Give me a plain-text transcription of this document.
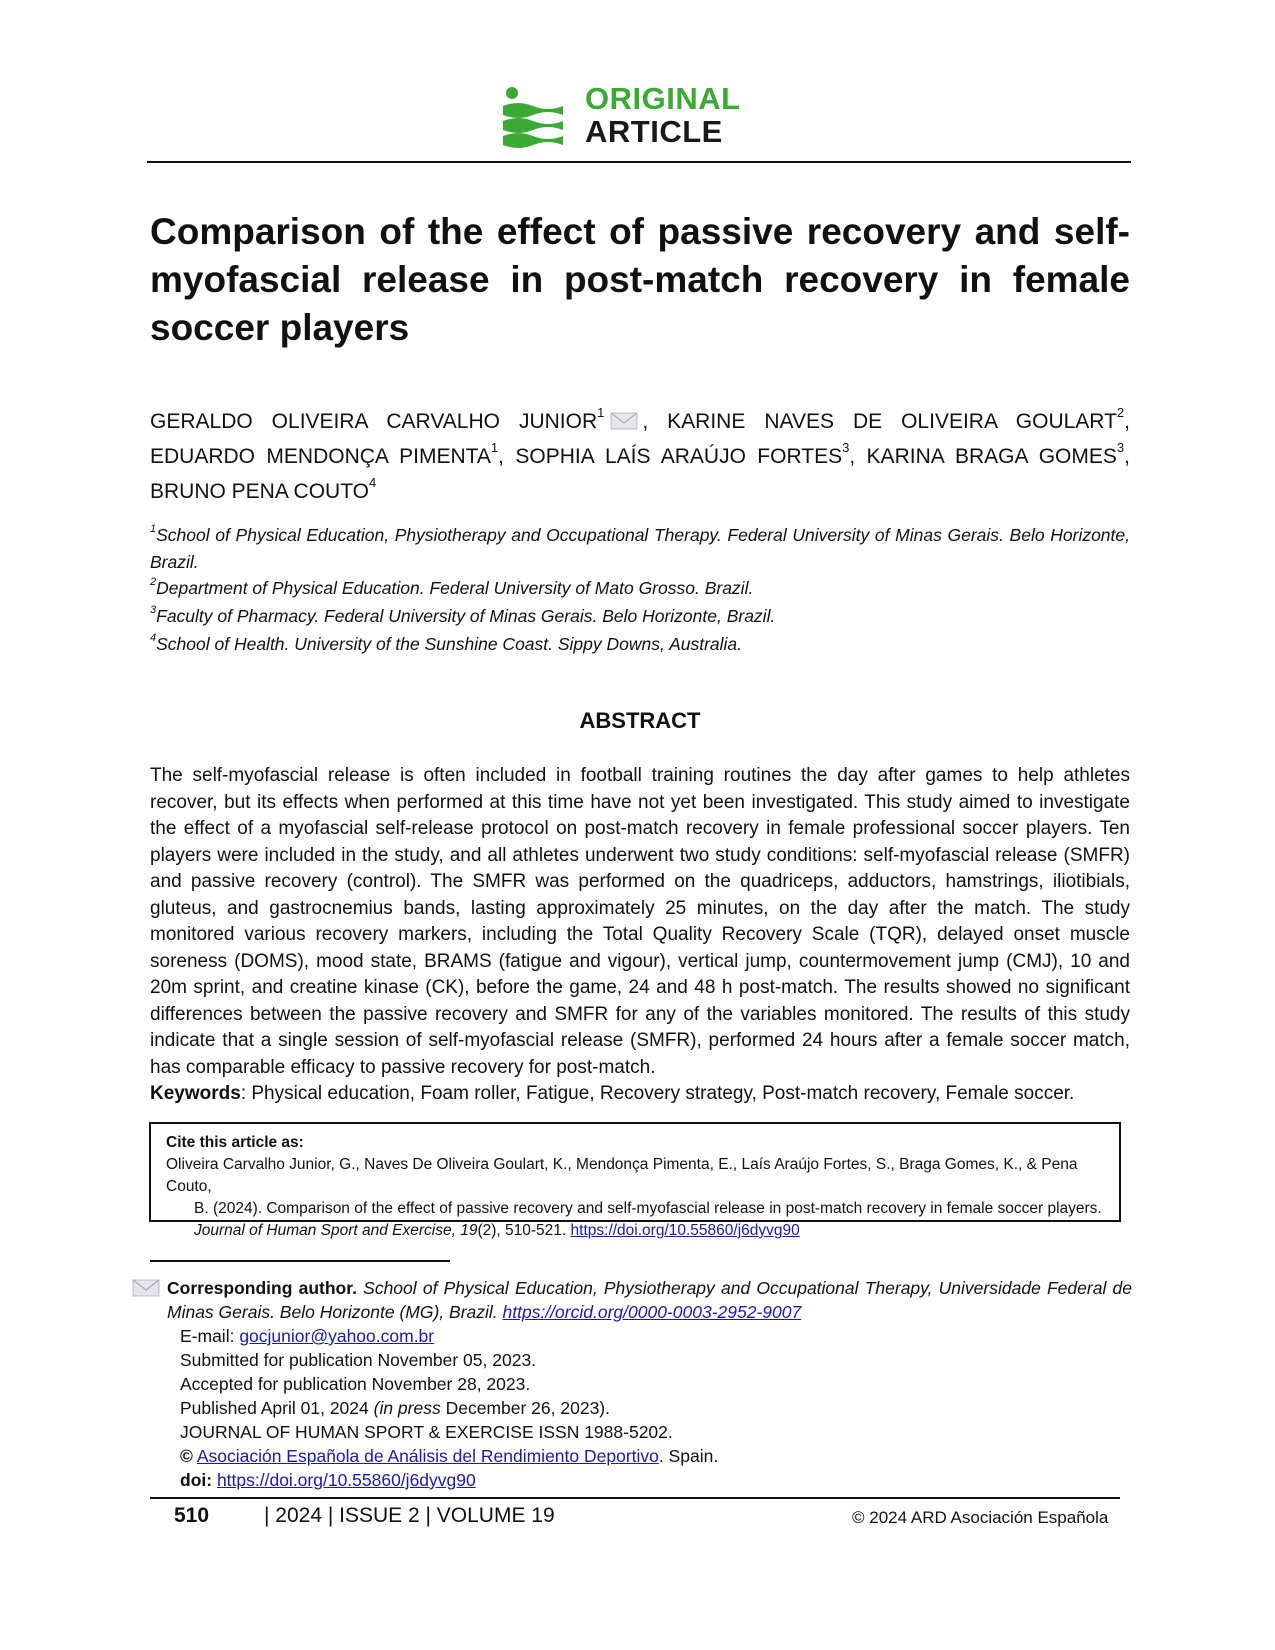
ORIGINAL
ARTICLE
Comparison of the effect of passive recovery and self-myofascial release in post-match recovery in female soccer players
GERALDO OLIVEIRA CARVALHO JUNIOR$^1$ , KARINE NAVES DE OLIVEIRA GOULART$^2$, EDUARDO MENDONÇA PIMENTA$^1$, SOPHIA LAÍS ARAÚJO FORTES$^3$, KARINA BRAGA GOMES$^3$, BRUNO PENA COUTO$^4$
$^1$School of Physical Education, Physiotherapy and Occupational Therapy. Federal University of Minas Gerais. Belo Horizonte, Brazil.
$^2$Department of Physical Education. Federal University of Mato Grosso. Brazil.
$^3$Faculty of Pharmacy. Federal University of Minas Gerais. Belo Horizonte, Brazil.
$^4$School of Health. University of the Sunshine Coast. Sippy Downs, Australia.
ABSTRACT

The self-myofascial release is often included in football training routines the day after games to help athletes recover, but its effects when performed at this time have not yet been investigated. This study aimed to investigate the effect of a myofascial self-release protocol on post-match recovery in female professional soccer players. Ten players were included in the study, and all athletes underwent two study conditions: self-myofascial release (SMFR) and passive recovery (control). The SMFR was performed on the quadriceps, adductors, hamstrings, iliotibials, gluteus, and gastrocnemius bands, lasting approximately 25 minutes, on the day after the match. The study monitored various recovery markers, including the Total Quality Recovery Scale (TQR), delayed onset muscle soreness (DOMS), mood state, BRAMS (fatigue and vigour), vertical jump, countermovement jump (CMJ), 10 and 20m sprint, and creatine kinase (CK), before the game, 24 and 48 h post-match. The results showed no significant differences between the passive recovery and SMFR for any of the variables monitored. The results of this study indicate that a single session of self-myofascial release (SMFR), performed 24 hours after a female soccer match, has comparable efficacy to passive recovery for post-match.

Keywords: Physical education, Foam roller, Fatigue, Recovery strategy, Post-match recovery, Female soccer.

Cite this article as:

Oliveira Carvalho Junior, G., Naves De Oliveira Goulart, K., Mendonça Pimenta, E., Laís Araújo Fortes, S., Braga Gomes, K., & Pena Couto,

B. (2024). Comparison of the effect of passive recovery and self-myofascial release in post-match recovery in female soccer players.

Journal of Human Sport and Exercise, 19(2), 510-521. https://doi.org/10.55860/j6dyvg90

Corresponding author. School of Physical Education, Physiotherapy and Occupational Therapy, Universidade Federal de Minas Gerais. Belo Horizonte (MG), Brazil. https://orcid.org/0000-0003-2952-9007

E-mail: gocjunior@yahoo.com.br

Submitted for publication November 05, 2023.

Accepted for publication November 28, 2023.

Published April 01, 2024 (in press December 26, 2023).

JOURNAL OF HUMAN SPORT & EXERCISE ISSN 1988-5202.

© Asociación Española de Análisis del Rendimiento Deportivo. Spain.

doi: https://doi.org/10.55860/j6dyvg90

510	| 2024 | ISSUE 2 | VOLUME 19	© 2024 ARD Asociación Española
